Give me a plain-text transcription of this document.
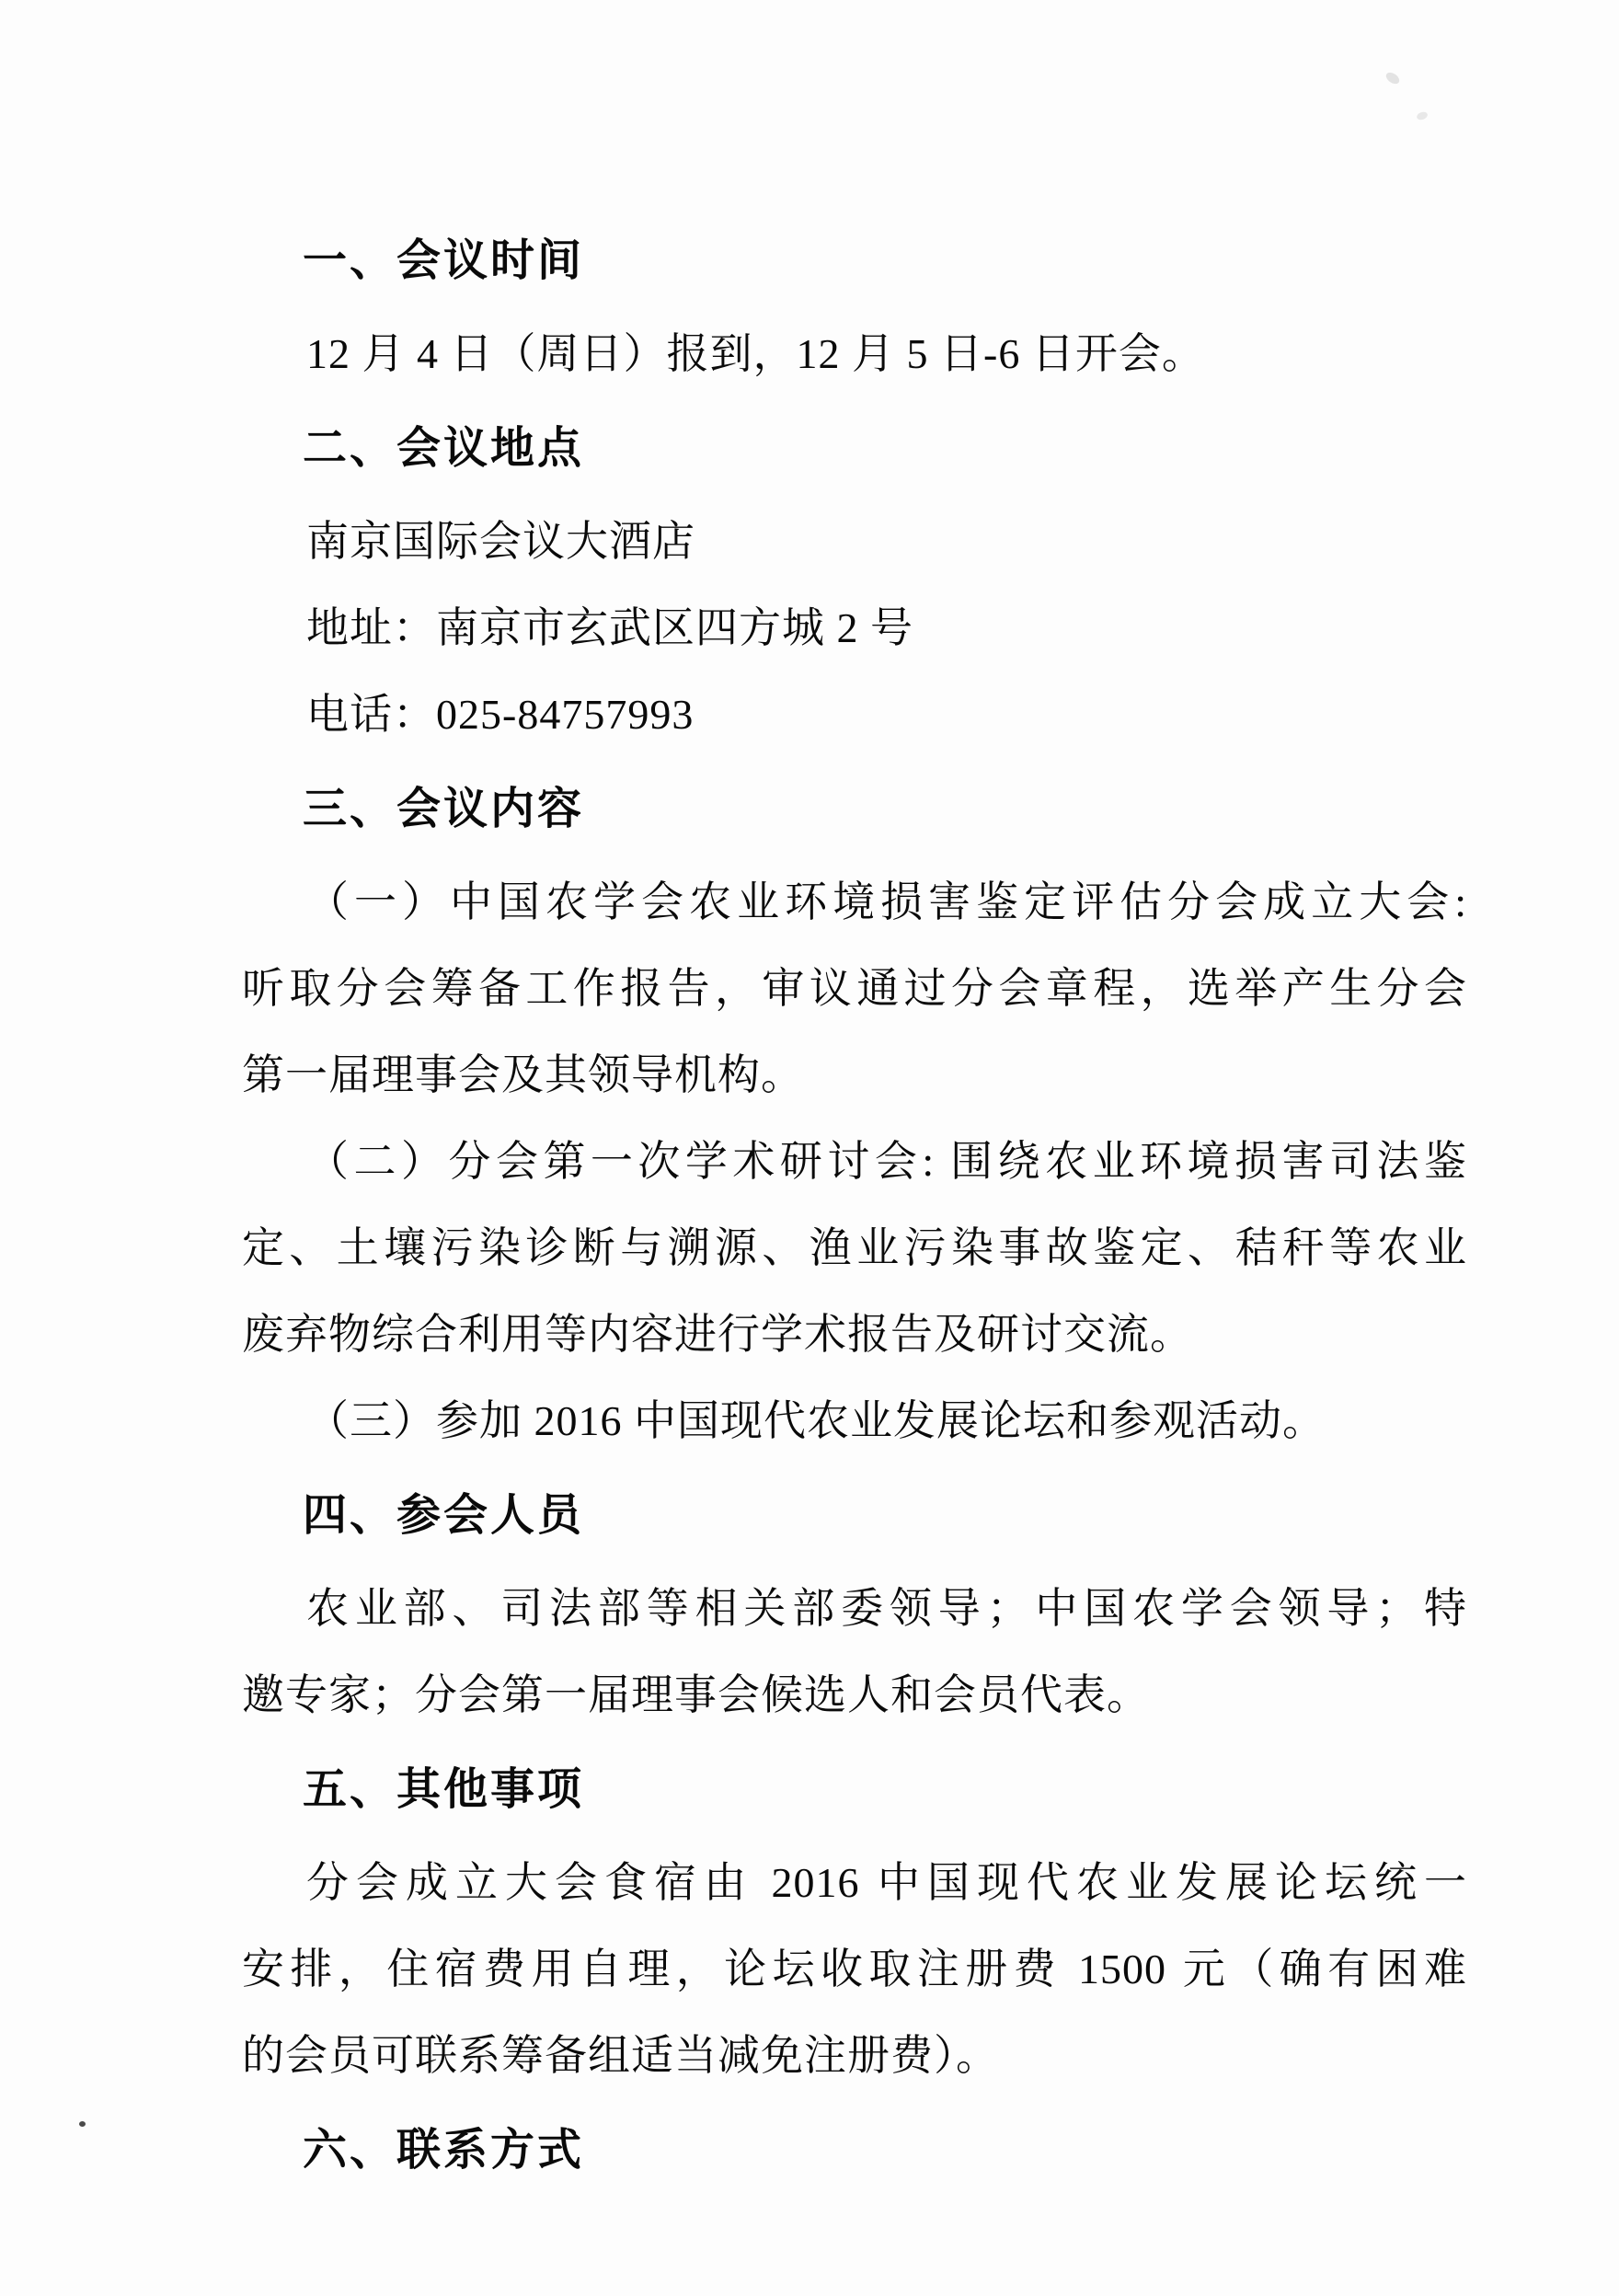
一、会议时间
12 月 4 日（周日）报到，12 月 5 日-6 日开会。
二、会议地点
南京国际会议大酒店
地址：南京市玄武区四方城 2 号
电话：025-84757993
三、会议内容
（一）中国农学会农业环境损害鉴定评估分会成立大会:
听取分会筹备工作报告，审议通过分会章程，选举产生分会
第一届理事会及其领导机构。
（二）分会第一次学术研讨会: 围绕农业环境损害司法鉴
定、土壤污染诊断与溯源、渔业污染事故鉴定、秸秆等农业
废弃物综合利用等内容进行学术报告及研讨交流。
（三）参加 2016 中国现代农业发展论坛和参观活动。
四、参会人员
农业部、司法部等相关部委领导；中国农学会领导；特
邀专家；分会第一届理事会候选人和会员代表。
五、其他事项
分会成立大会食宿由 2016 中国现代农业发展论坛统一
安排，住宿费用自理，论坛收取注册费 1500 元（确有困难
的会员可联系筹备组适当减免注册费）。
六、联系方式
